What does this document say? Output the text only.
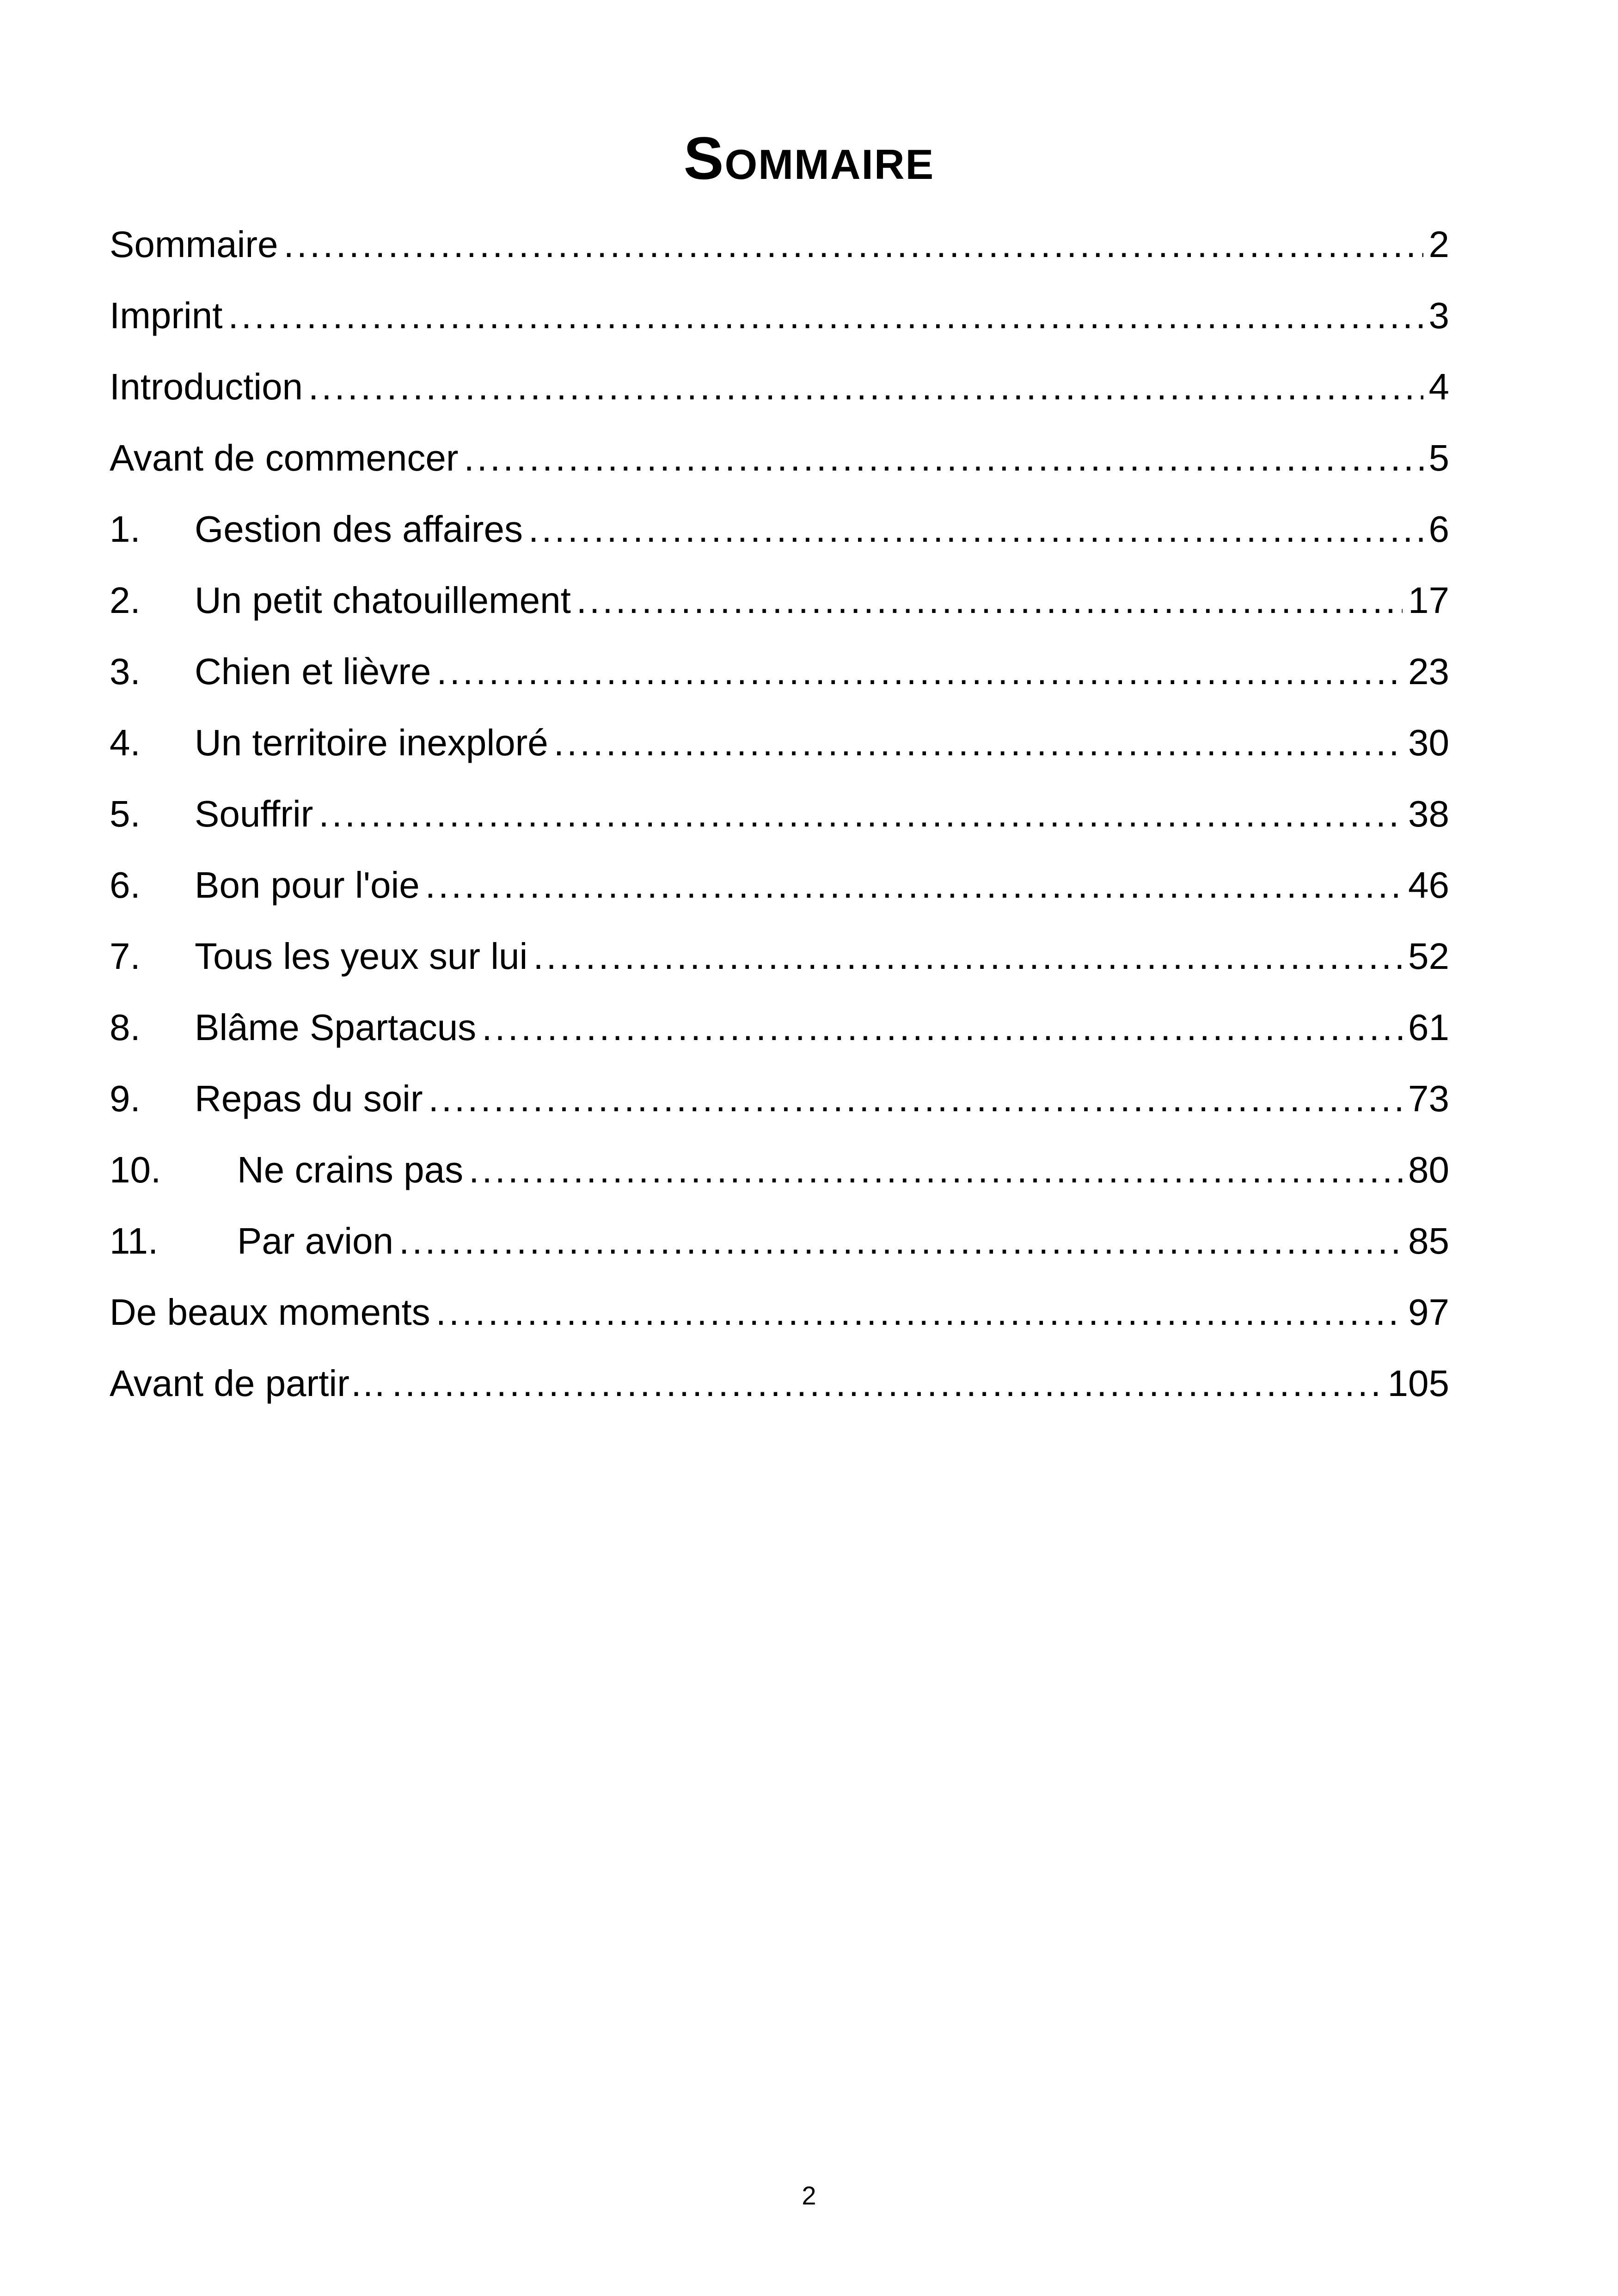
Sommaire
Sommaire .....	2
Imprint .....	3
Introduction .....	4
Avant de commencer .....	5
1.	Gestion des affaires .....	6
2.	Un petit chatouillement .....	17
3.	Chien et lièvre .....	23
4.	Un territoire inexploré .....	30
5.	Souffrir .....	38
6.	Bon pour l'oie .....	46
7.	Tous les yeux sur lui .....	52
8.	Blâme Spartacus .....	61
9.	Repas du soir .....	73
10.	Ne crains pas .....	80
11.	Par avion .....	85
De beaux moments .....	97
Avant de partir… .....	105
2
